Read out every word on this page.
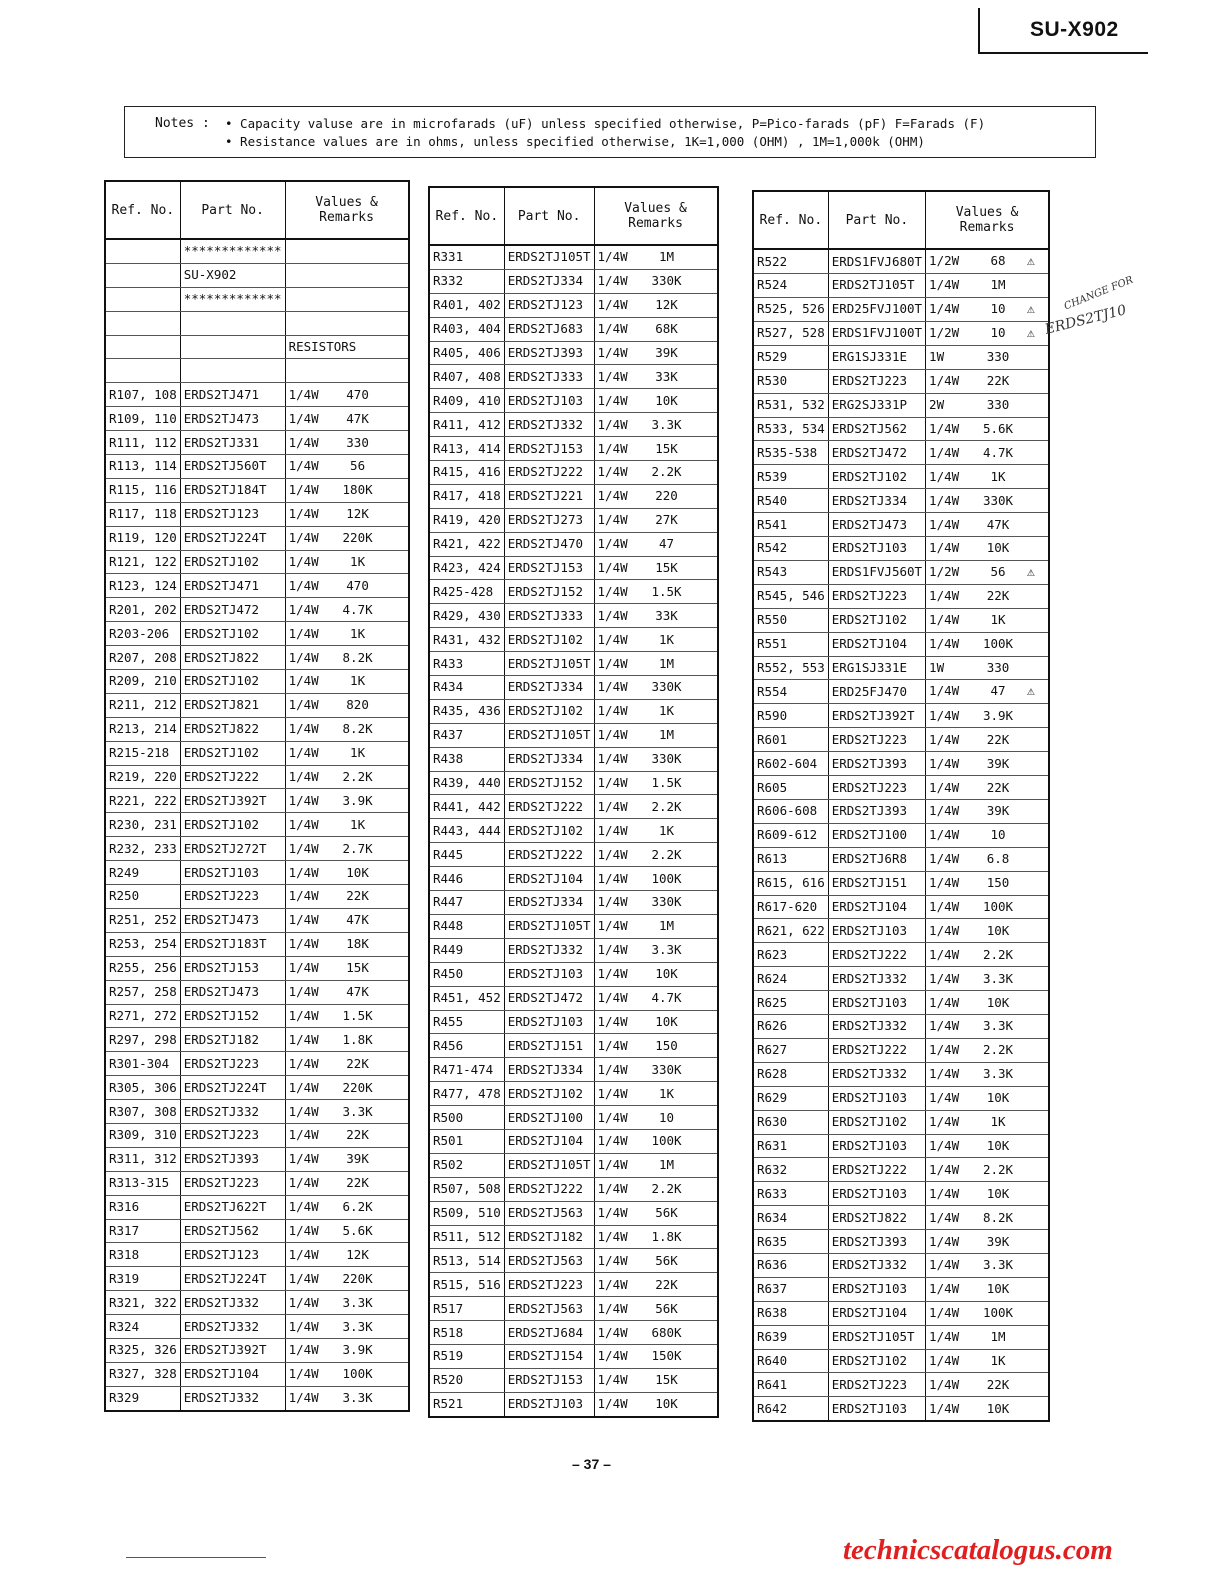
SU-X902
Notes : • Capacity valuse are in microfarads (uF) unless specified otherwise, P=Pico-farads (pF) F=Farads (F)
• Resistance values are in ohms, unless specified otherwise, 1K=1,000 (OHM) , 1M=1,000k (OHM)
Ref. No.	Part No.	Values & Remarks
	*************	
	SU-X902	
	*************	

		RESISTORS

R107, 108	ERDS2TJ471	1/4W 470
R109, 110	ERDS2TJ473	1/4W 47K
R111, 112	ERDS2TJ331	1/4W 330
R113, 114	ERDS2TJ560T	1/4W 56
R115, 116	ERDS2TJ184T	1/4W 180K
R117, 118	ERDS2TJ123	1/4W 12K
R119, 120	ERDS2TJ224T	1/4W 220K
R121, 122	ERDS2TJ102	1/4W 1K
R123, 124	ERDS2TJ471	1/4W 470
R201, 202	ERDS2TJ472	1/4W 4.7K
R203-206	ERDS2TJ102	1/4W 1K
R207, 208	ERDS2TJ822	1/4W 8.2K
R209, 210	ERDS2TJ102	1/4W 1K
R211, 212	ERDS2TJ821	1/4W 820
R213, 214	ERDS2TJ822	1/4W 8.2K
R215-218	ERDS2TJ102	1/4W 1K
R219, 220	ERDS2TJ222	1/4W 2.2K
R221, 222	ERDS2TJ392T	1/4W 3.9K
R230, 231	ERDS2TJ102	1/4W 1K
R232, 233	ERDS2TJ272T	1/4W 2.7K
R249	ERDS2TJ103	1/4W 10K
R250	ERDS2TJ223	1/4W 22K
R251, 252	ERDS2TJ473	1/4W 47K
R253, 254	ERDS2TJ183T	1/4W 18K
R255, 256	ERDS2TJ153	1/4W 15K
R257, 258	ERDS2TJ473	1/4W 47K
R271, 272	ERDS2TJ152	1/4W 1.5K
R297, 298	ERDS2TJ182	1/4W 1.8K
R301-304	ERDS2TJ223	1/4W 22K
R305, 306	ERDS2TJ224T	1/4W 220K
R307, 308	ERDS2TJ332	1/4W 3.3K
R309, 310	ERDS2TJ223	1/4W 22K
R311, 312	ERDS2TJ393	1/4W 39K
R313-315	ERDS2TJ223	1/4W 22K
R316	ERDS2TJ622T	1/4W 6.2K
R317	ERDS2TJ562	1/4W 5.6K
R318	ERDS2TJ123	1/4W 12K
R319	ERDS2TJ224T	1/4W 220K
R321, 322	ERDS2TJ332	1/4W 3.3K
R324	ERDS2TJ332	1/4W 3.3K
R325, 326	ERDS2TJ392T	1/4W 3.9K
R327, 328	ERDS2TJ104	1/4W 100K
R329	ERDS2TJ332	1/4W 3.3K
Ref. No.	Part No.	Values & Remarks
R331	ERDS2TJ105T	1/4W 1M
R332	ERDS2TJ334	1/4W 330K
R401, 402	ERDS2TJ123	1/4W 12K
R403, 404	ERDS2TJ683	1/4W 68K
R405, 406	ERDS2TJ393	1/4W 39K
R407, 408	ERDS2TJ333	1/4W 33K
R409, 410	ERDS2TJ103	1/4W 10K
R411, 412	ERDS2TJ332	1/4W 3.3K
R413, 414	ERDS2TJ153	1/4W 15K
R415, 416	ERDS2TJ222	1/4W 2.2K
R417, 418	ERDS2TJ221	1/4W 220
R419, 420	ERDS2TJ273	1/4W 27K
R421, 422	ERDS2TJ470	1/4W 47
R423, 424	ERDS2TJ153	1/4W 15K
R425-428	ERDS2TJ152	1/4W 1.5K
R429, 430	ERDS2TJ333	1/4W 33K
R431, 432	ERDS2TJ102	1/4W 1K
R433	ERDS2TJ105T	1/4W 1M
R434	ERDS2TJ334	1/4W 330K
R435, 436	ERDS2TJ102	1/4W 1K
R437	ERDS2TJ105T	1/4W 1M
R438	ERDS2TJ334	1/4W 330K
R439, 440	ERDS2TJ152	1/4W 1.5K
R441, 442	ERDS2TJ222	1/4W 2.2K
R443, 444	ERDS2TJ102	1/4W 1K
R445	ERDS2TJ222	1/4W 2.2K
R446	ERDS2TJ104	1/4W 100K
R447	ERDS2TJ334	1/4W 330K
R448	ERDS2TJ105T	1/4W 1M
R449	ERDS2TJ332	1/4W 3.3K
R450	ERDS2TJ103	1/4W 10K
R451, 452	ERDS2TJ472	1/4W 4.7K
R455	ERDS2TJ103	1/4W 10K
R456	ERDS2TJ151	1/4W 150
R471-474	ERDS2TJ334	1/4W 330K
R477, 478	ERDS2TJ102	1/4W 1K
R500	ERDS2TJ100	1/4W 10
R501	ERDS2TJ104	1/4W 100K
R502	ERDS2TJ105T	1/4W 1M
R507, 508	ERDS2TJ222	1/4W 2.2K
R509, 510	ERDS2TJ563	1/4W 56K
R511, 512	ERDS2TJ182	1/4W 1.8K
R513, 514	ERDS2TJ563	1/4W 56K
R515, 516	ERDS2TJ223	1/4W 22K
R517	ERDS2TJ563	1/4W 56K
R518	ERDS2TJ684	1/4W 680K
R519	ERDS2TJ154	1/4W 150K
R520	ERDS2TJ153	1/4W 15K
R521	ERDS2TJ103	1/4W 10K
Ref. No.	Part No.	Values & Remarks
R522	ERDS1FVJ680T	1/2W 68 ⚠
R524	ERDS2TJ105T	1/4W 1M
R525, 526	ERD25FVJ100T	1/4W 10 ⚠
R527, 528	ERDS1FVJ100T	1/2W 10 ⚠
R529	ERG1SJ331E	1W 330
R530	ERDS2TJ223	1/4W 22K
R531, 532	ERG2SJ331P	2W 330
R533, 534	ERDS2TJ562	1/4W 5.6K
R535-538	ERDS2TJ472	1/4W 4.7K
R539	ERDS2TJ102	1/4W 1K
R540	ERDS2TJ334	1/4W 330K
R541	ERDS2TJ473	1/4W 47K
R542	ERDS2TJ103	1/4W 10K
R543	ERDS1FVJ560T	1/2W 56 ⚠
R545, 546	ERDS2TJ223	1/4W 22K
R550	ERDS2TJ102	1/4W 1K
R551	ERDS2TJ104	1/4W 100K
R552, 553	ERG1SJ331E	1W 330
R554	ERD25FJ470	1/4W 47 ⚠
R590	ERDS2TJ392T	1/4W 3.9K
R601	ERDS2TJ223	1/4W 22K
R602-604	ERDS2TJ393	1/4W 39K
R605	ERDS2TJ223	1/4W 22K
R606-608	ERDS2TJ393	1/4W 39K
R609-612	ERDS2TJ100	1/4W 10
R613	ERDS2TJ6R8	1/4W 6.8
R615, 616	ERDS2TJ151	1/4W 150
R617-620	ERDS2TJ104	1/4W 100K
R621, 622	ERDS2TJ103	1/4W 10K
R623	ERDS2TJ222	1/4W 2.2K
R624	ERDS2TJ332	1/4W 3.3K
R625	ERDS2TJ103	1/4W 10K
R626	ERDS2TJ332	1/4W 3.3K
R627	ERDS2TJ222	1/4W 2.2K
R628	ERDS2TJ332	1/4W 3.3K
R629	ERDS2TJ103	1/4W 10K
R630	ERDS2TJ102	1/4W 1K
R631	ERDS2TJ103	1/4W 10K
R632	ERDS2TJ222	1/4W 2.2K
R633	ERDS2TJ103	1/4W 10K
R634	ERDS2TJ822	1/4W 8.2K
R635	ERDS2TJ393	1/4W 39K
R636	ERDS2TJ332	1/4W 3.3K
R637	ERDS2TJ103	1/4W 10K
R638	ERDS2TJ104	1/4W 100K
R639	ERDS2TJ105T	1/4W 1M
R640	ERDS2TJ102	1/4W 1K
R641	ERDS2TJ223	1/4W 22K
R642	ERDS2TJ103	1/4W 10K
CHANGE FOR
ERDS2TJ10
– 37 –
technicscatalogus.com
